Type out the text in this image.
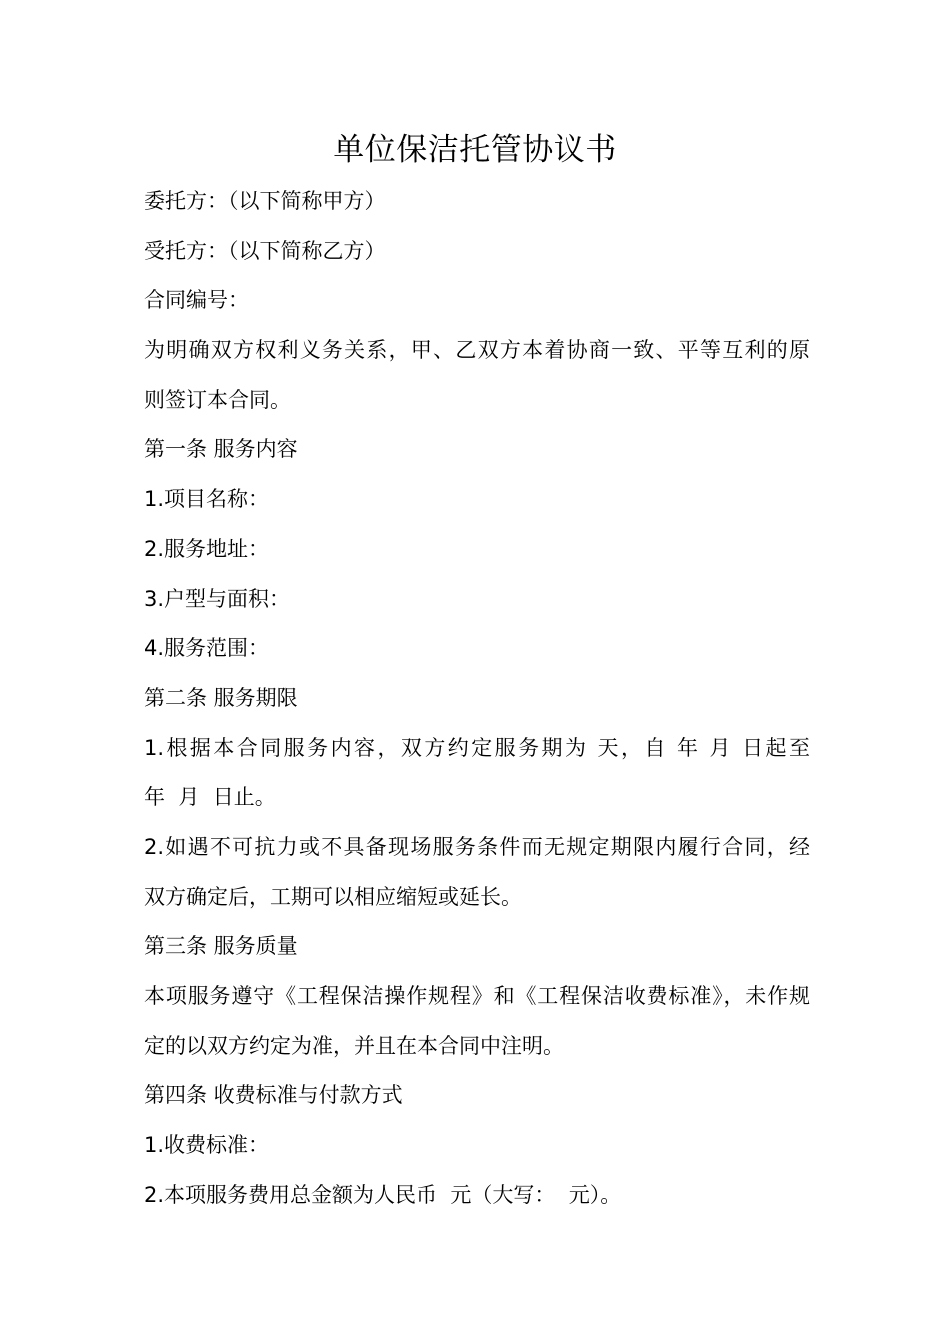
单位保洁托管协议书

委托方：（以下简称甲方）

受托方：（以下简称乙方）

合同编号：

为明确双方权利义务关系，甲、乙双方本着协商一致、平等互利的原

则签订本合同。

第一条 服务内容

1.项目名称：

2.服务地址：

3.户型与面积：

4.服务范围：

第二条 服务期限

1.根据本合同服务内容，双方约定服务期为 天，自 年 月 日起至

年  月  日止。

2.如遇不可抗力或不具备现场服务条件而无规定期限内履行合同，经

双方确定后，工期可以相应缩短或延长。

第三条 服务质量

本项服务遵守《工程保洁操作规程》和《工程保洁收费标准》，未作规

定的以双方约定为准，并且在本合同中注明。

第四条 收费标准与付款方式

1.收费标准：

2.本项服务费用总金额为人民币  元（大写：  元）。
